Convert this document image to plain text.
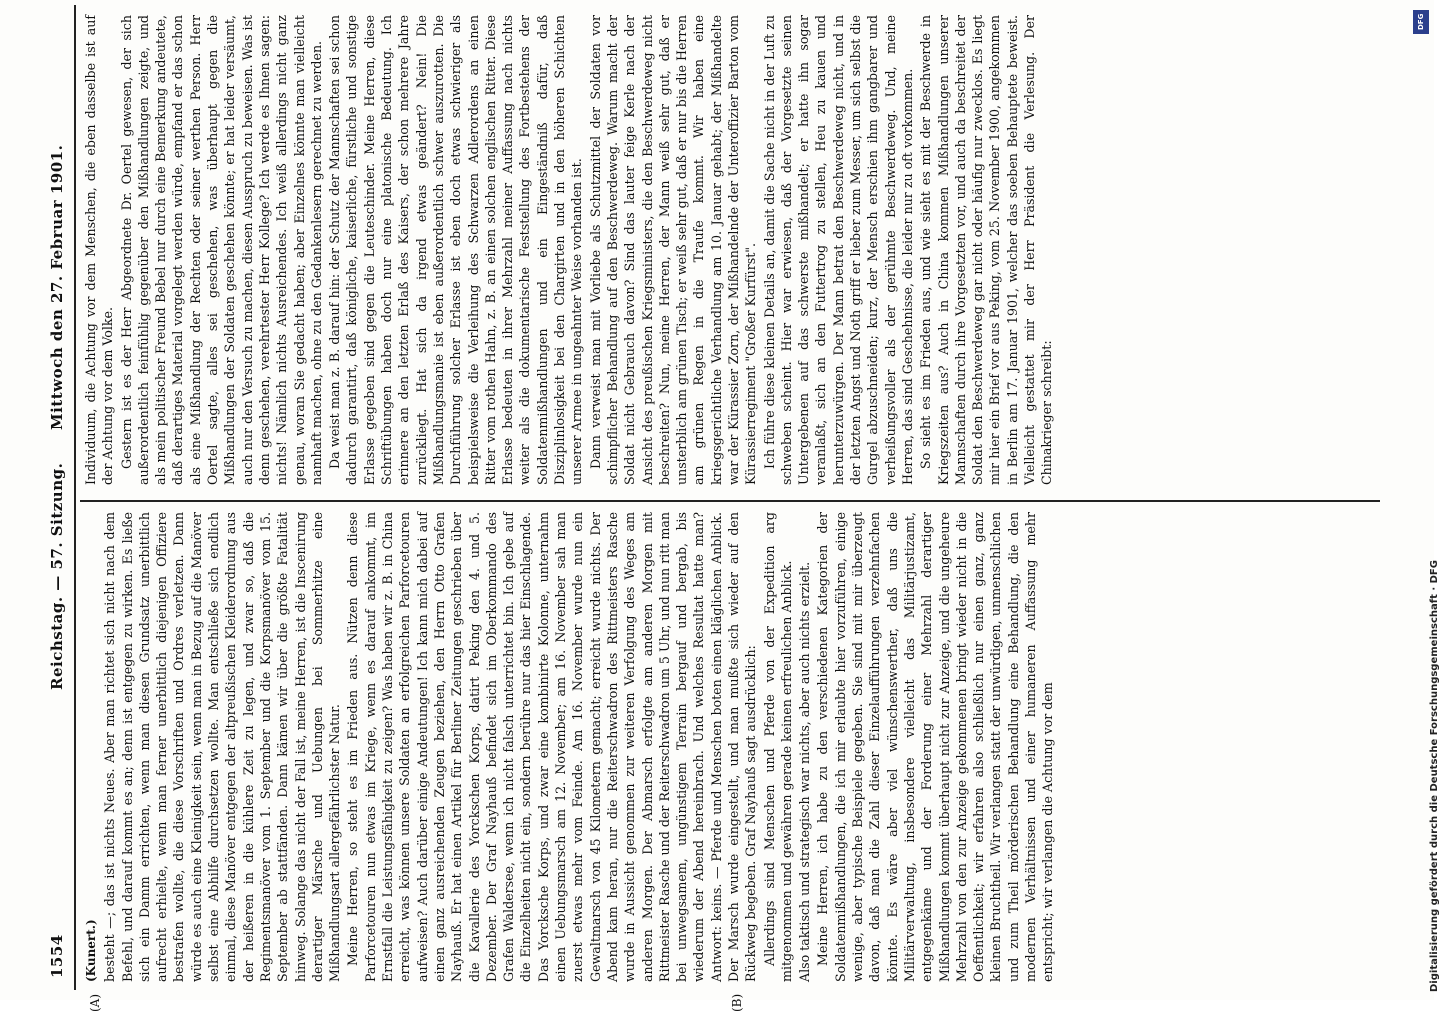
1554
Reichstag. — 57. Sitzung.
Mittwoch den 27. Februar 1901.
(A)	(B)

(Kunert.) besteht —; das ist nichts Neues. Aber man richtet sich nicht nach dem Befehl, und darauf kommt es an; denn ist entgegen zu wirken. Es ließe sich ein Damm errichten, wenn man diesen Grundsatz unerbittlich aufrecht erhielte, wenn man ferner unerbittlich diejenigen Offiziere bestrafen wollte, die diese Vorschriften und Ordres verletzen. Dann würde es auch eine Kleinigkeit sein, wenn man in Bezug auf die Manöver selbst eine Abhilfe durchsetzen wollte. Man entschließe sich endlich einmal, diese Manöver entgegen der altpreußischen Kleiderordnung aus der heißeren in die kühlere Zeit zu legen, und zwar so, daß die Regimentsmanöver vom 1. September und die Korpsmanöver vom 15. September ab stattfänden. Dann kämen wir über die größte Fatalität hinweg. Solange das nicht der Fall ist, meine Herren, ist die Inscenirung derartiger Märsche und Uebungen bei Sommerhitze eine Mißhandlungsart allergefährlichster Natur. Meine Herren, so steht es im Frieden aus. Nützen denn diese Parforcetouren nun etwas im Kriege, wenn es darauf ankommt, im Ernstfall die Leistungsfähigkeit zu zeigen? Was haben wir z. B. in China erreicht, was können unsere Soldaten an erfolgreichen Parforcetouren aufweisen? Auch darüber einige Andeutungen! Ich kann mich dabei auf einen ganz ausreichenden Zeugen beziehen, den Herrn Otto Grafen Nayhauß. Er hat einen Artikel für Berliner Zeitungen geschrieben über die Kavallerie des Yorckschen Korps, datirt Peking den 4. und 5. Dezember. Der Graf Nayhauß befindet sich im Oberkommando des Grafen Waldersee, wenn ich nicht falsch unterrichtet bin. Ich gebe auf die Einzelheiten nicht ein, sondern berühre nur das hier Einschlagende. Das Yorcksche Korps, und zwar eine kombinirte Kolonne, unternahm einen Uebungsmarsch am 12. November; am 16. November sah man zuerst etwas mehr vom Feinde. Am 16. November wurde nun ein Gewaltmarsch von 45 Kilometern gemacht; erreicht wurde nichts. Der Abend kam heran, nur die Reiterschwadron des Rittmeisters Rasche wurde in Aussicht genommen zur weiteren Verfolgung des Weges am anderen Morgen. Der Abmarsch erfolgte am anderen Morgen mit Rittmeister Rasche und der Reiterschwadron um 5 Uhr, und nun ritt man bei unwegsamem, ungünstigem Terrain bergauf und bergab, bis wiederum der Abend hereinbrach. Und welches Resultat hatte man? Antwort: keins. — Pferde und Menschen boten einen kläglichen Anblick. Der Marsch wurde eingestellt, und man mußte sich wieder auf den Rückweg begeben. Graf Nayhauß sagt ausdrücklich: Allerdings sind Menschen und Pferde von der Expedition arg mitgenommen und gewähren gerade keinen erfreulichen Anblick. Also taktisch und strategisch war nichts, aber auch nichts erzielt. Meine Herren, ich habe zu den verschiedenen Kategorien der Soldatenmißhandlungen, die ich mir erlaubte hier vorzuführen, einige wenige, aber typische Beispiele gegeben. Sie sind mit mir überzeugt davon, daß man die Zahl dieser Einzelaufführungen verzehnfachen könnte. Es wäre aber viel wünschenswerther, daß uns die Militärverwaltung, insbesondere vielleicht das Militärjustizamt, entgegenkäme und der Forderung einer Mehrzahl derartiger Mißhandlungen kommt überhaupt nicht zur Anzeige, und die ungeheure Mehrzahl von den zur Anzeige gekommenen bringt wieder nicht in die Oeffentlichkeit; wir erfahren also schließlich nur einen ganz, ganz kleinen Bruchtheil. Wir verlangen statt der unwürdigen, unmenschlichen und zum Theil mörderischen Behandlung eine Behandlung, die den modernen Verhältnissen und einer humaneren Auffassung mehr entspricht; wir verlangen die Achtung vor dem

Individuum, die Achtung vor dem Menschen, die eben dasselbe ist auf der Achtung vor dem Volke. Gestern ist es der Herr Abgeordnete Dr. Oertel gewesen, der sich außerordentlich feinfühlig gegenüber den Mißhandlungen zeigte, und als mein politischer Freund Bebel nur durch eine Bemerkung andeutete, daß derartiges Material vorgelegt werden würde, empfand er das schon als eine Mißhandlung der Rechten oder seiner werthen Person. Herr Oertel sagte, alles sei geschehen, was überhaupt gegen die Mißhandlungen der Soldaten geschehen könnte; er hat leider versäumt, auch nur den Versuch zu machen, diesen Ausspruch zu beweisen. Was ist denn geschehen, verehrtester Herr Kollege? Ich werde es Ihnen sagen: nichts! Nämlich nichts Ausreichendes. Ich weiß allerdings nicht ganz genau, woran Sie gedacht haben; aber Einzelnes könnte man vielleicht namhaft machen, ohne zu den Gedankenlesern gerechnet zu werden. Da weist man z. B. darauf hin: der Schutz der Mannschaften sei schon dadurch garantirt, daß königliche, kaiserliche, fürstliche und sonstige Erlasse gegeben sind gegen die Leuteschinder. Meine Herren, diese Schriftübungen haben doch nur eine platonische Bedeutung. Ich erinnere an den letzten Erlaß des Kaisers, der schon mehrere Jahre zurückliegt. Hat sich da irgend etwas geändert? Nein! Die Mißhandlungsmanie ist eben außerordentlich schwer auszurotten. Die Durchführung solcher Erlasse ist eben doch etwas schwieriger als beispielsweise die Verleihung des Schwarzen Adlerordens an einen Ritter vom rothen Hahn, z. B. an einen solchen englischen Ritter. Diese Erlasse bedeuten in ihrer Mehrzahl meiner Auffassung nach nichts weiter als die dokumentarische Feststellung des Fortbestehens der Soldatenmißhandlungen und ein Eingeständniß dafür, daß Disziplinlosigkeit bei den Chargirten und in den höheren Schichten unserer Armee in ungeahnter Weise vorhanden ist. Dann verweist man mit Vorliebe als Schutzmittel der Soldaten vor schimpflicher Behandlung auf den Beschwerdeweg. Warum macht der Soldat nicht Gebrauch davon? Sind das lauter feige Kerle nach der Ansicht des preußischen Kriegsministers, die den Beschwerdeweg nicht beschreiten? Nun, meine Herren, der Mann weiß sehr gut, daß er unsterblich am grünen Tisch; er weiß sehr gut, daß er nur bis die Herren am grünen Regen in die Traufe kommt. Wir haben eine kriegsgerichtliche Verhandlung am 10. Januar gehabt; der Mißhandelte war der Kürassier Zorn, der Mißhandelnde der Unteroffizier Barton vom Kürassierregiment "Großer Kurfürst". Ich führe diese kleinen Details an, damit die Sache nicht in der Luft zu schweben scheint. Hier war erwiesen, daß der Vorgesetzte seinen Untergebenen auf das schwerste mißhandelt; er hatte ihn sogar veranlaßt, sich an den Futtertrog zu stellen, Heu zu kauen und herunterzuwürgen. Der Mann betrat den Beschwerdeweg nicht, und in der letzten Angst und Noth griff er lieber zum Messer, um sich selbst die Gurgel abzuschneiden; kurz, der Mensch erschien ihm gangbarer und verheißungsvoller als der gerühmte Beschwerdeweg. Und, meine Herren, das sind Geschehnisse, die leider nur zu oft vorkommen. So sieht es im Frieden aus, und wie sieht es mit der Beschwerde in Kriegszeiten aus? Auch in China kommen Mißhandlungen unserer Mannschaften durch ihre Vorgesetzten vor, und auch da beschreitet der Soldat den Beschwerdeweg gar nicht oder häufig nur zwecklos. Es liegt mir hier ein Brief vor aus Peking, vom 25. November 1900, angekommen in Berlin am 17. Januar 1901, welcher das soeben Behauptete beweist. Vielleicht gestattet mir der Herr Präsident die Verlesung. Der Chinakrieger schreibt:

DFG
Digitalisierung gefördert durch die Deutsche Forschungsgemeinschaft · DFG
